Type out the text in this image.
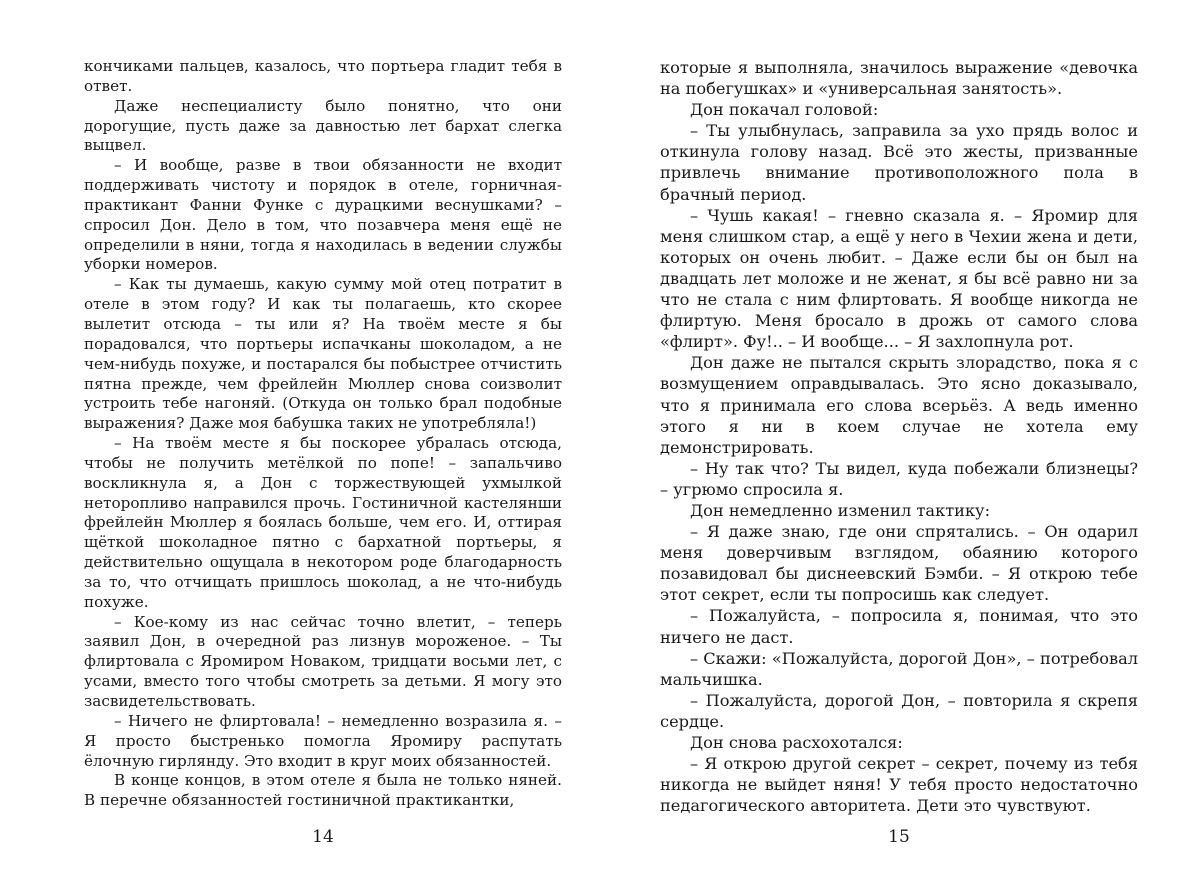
кончиками пальцев, казалось, что портьера гладит тебя в ответ.

Даже неспециалисту было понятно, что они дорогущие, пусть даже за давностью лет бархат слегка выцвел.

– И вообще, разве в твои обязанности не входит поддерживать чистоту и порядок в отеле, горничная-практикант Фанни Функе с дурацкими веснушками? – спросил Дон. Дело в том, что позавчера меня ещё не определили в няни, тогда я находилась в ведении службы уборки номеров.

– Как ты думаешь, какую сумму мой отец потратит в отеле в этом году? И как ты полагаешь, кто скорее вылетит отсюда – ты или я? На твоём месте я бы порадовался, что портьеры испачканы шоколадом, а не чем-нибудь похуже, и постарался бы побыстрее отчистить пятна прежде, чем фрейлейн Мюллер снова соизволит устроить тебе нагоняй. (Откуда он только брал подобные выражения? Даже моя бабушка таких не употребляла!)

– На твоём месте я бы поскорее убралась отсюда, чтобы не получить метёлкой по попе! – запальчиво воскликнула я, а Дон с торжествующей ухмылкой неторопливо направился прочь. Гостиничной кастелянши фрейлейн Мюллер я боялась больше, чем его. И, оттирая щёткой шоколадное пятно с бархатной портьеры, я действительно ощущала в некотором роде благодарность за то, что отчищать пришлось шоколад, а не что-нибудь похуже.

– Кое-кому из нас сейчас точно влетит, – теперь заявил Дон, в очередной раз лизнув мороженое. – Ты флиртовала с Яромиром Новаком, тридцати восьми лет, с усами, вместо того чтобы смотреть за детьми. Я могу это засвидетельствовать.

– Ничего не флиртовала! – немедленно возразила я. – Я просто быстренько помогла Яромиру распутать ёлочную гирлянду. Это входит в круг моих обязанностей.

В конце концов, в этом отеле я была не только няней. В перечне обязанностей гостиничной практикантки,

14

которые я выполняла, значилось выражение «девочка на побегушках» и «универсальная занятость».

Дон покачал головой:

– Ты улыбнулась, заправила за ухо прядь волос и откинула голову назад. Всё это жесты, призванные привлечь внимание противоположного пола в брачный период.

– Чушь какая! – гневно сказала я. – Яромир для меня слишком стар, а ещё у него в Чехии жена и дети, которых он очень любит. – Даже если бы он был на двадцать лет моложе и не женат, я бы всё равно ни за что не стала с ним флиртовать. Я вообще никогда не флиртую. Меня бросало в дрожь от самого слова «флирт». Фу!.. – И вообще... – Я захлопнула рот.

Дон даже не пытался скрыть злорадство, пока я с возмущением оправдывалась. Это ясно доказывало, что я принимала его слова всерьёз. А ведь именно этого я ни в коем случае не хотела ему демонстрировать.

– Ну так что? Ты видел, куда побежали близнецы? – угрюмо спросила я.

Дон немедленно изменил тактику:

– Я даже знаю, где они спрятались. – Он одарил меня доверчивым взглядом, обаянию которого позавидовал бы диснеевский Бэмби. – Я открою тебе этот секрет, если ты попросишь как следует.

– Пожалуйста, – попросила я, понимая, что это ничего не даст.

– Скажи: «Пожалуйста, дорогой Дон», – потребовал мальчишка.

– Пожалуйста, дорогой Дон, – повторила я скрепя сердце.

Дон снова расхохотался:

– Я открою другой секрет – секрет, почему из тебя никогда не выйдет няня! У тебя просто недостаточно педагогического авторитета. Дети это чувствуют.

15
